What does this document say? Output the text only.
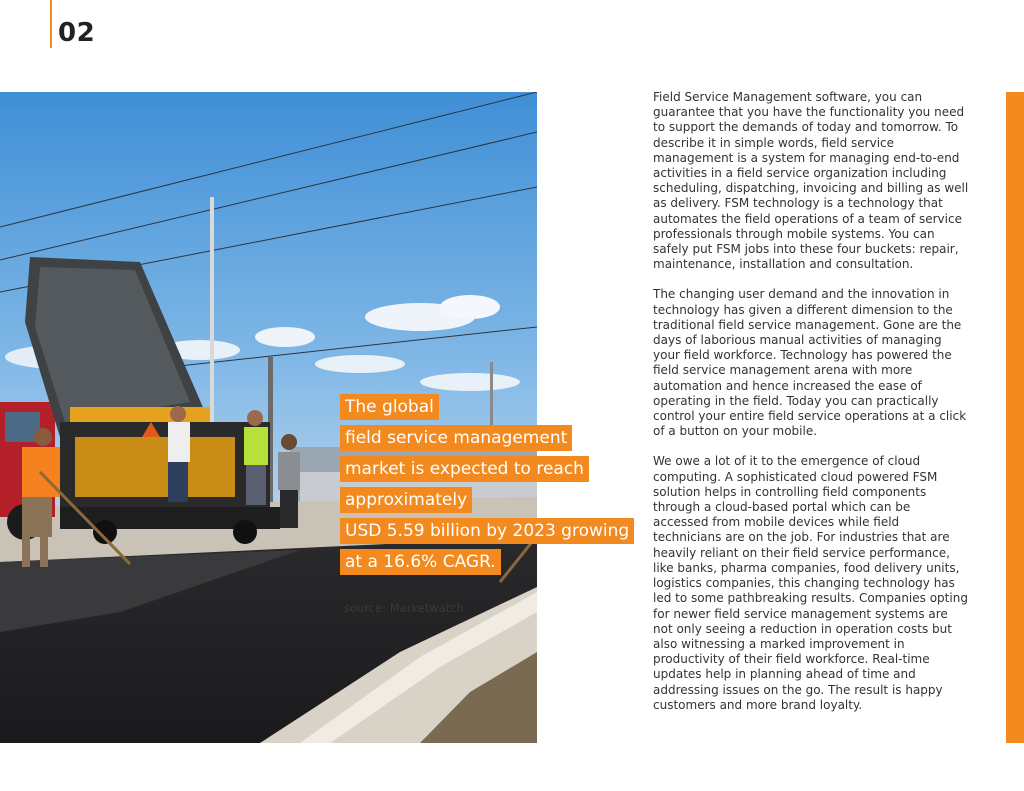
02
The global
field service management
market is expected to reach
approximately
USD 5.59 billion by 2023 growing
at a 16.6% CAGR.
source: Marketwatch

Field Service Management software, you can guarantee that you have the functionality you need to support the demands of today and tomorrow. To describe it in simple words, field service management is a system for managing end-to-end activities in a field service organization including scheduling, dispatching, invoicing and billing as well as delivery. FSM technology is a technology that automates the field operations of a team of service professionals through mobile systems. You can safely put FSM jobs into these four buckets: repair, maintenance, installation and consultation.

The changing user demand and the innovation in technology has given a different dimension to the traditional field service management. Gone are the days of laborious manual activities of managing your field workforce. Technology has powered the field service management arena with more automation and hence increased the ease of operating in the field. Today you can practically control your entire field service operations at a click of a button on your mobile.

We owe a lot of it to the emergence of cloud computing. A sophisticated cloud powered FSM solution helps in controlling field components through a cloud-based portal which can be accessed from mobile devices while field technicians are on the job. For industries that are heavily reliant on their field service performance, like banks, pharma companies, food delivery units, logistics companies, this changing technology has led to some pathbreaking results. Companies opting for newer field service management systems are not only seeing a reduction in operation costs but also witnessing a marked improvement in productivity of their field workforce. Real-time updates help in planning ahead of time and addressing issues on the go. The result is happy customers and more brand loyalty.
